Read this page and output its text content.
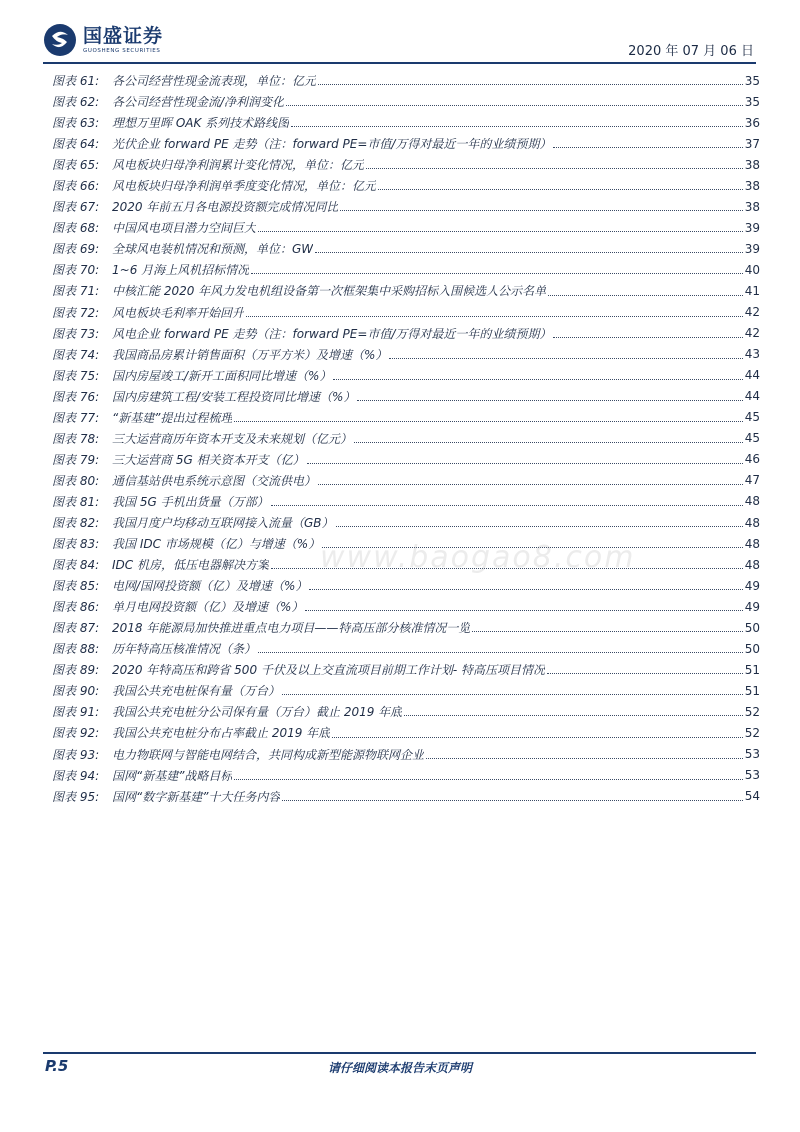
国盛证券
GUOSHENG SECURITIES	2020 年 07 月 06 日
图表 61:	各公司经营性现金流表现，单位：亿元	35
图表 62:	各公司经营性现金流/净利润变化	35
图表 63:	理想万里晖 OAK 系列技术路线图	36
图表 64:	光伏企业 forward PE 走势（注：forward PE=市值/万得对最近一年的业绩预期）	37
图表 65:	风电板块归母净利润累计变化情况，单位：亿元	38
图表 66:	风电板块归母净利润单季度变化情况，单位：亿元	38
图表 67:	2020 年前五月各电源投资额完成情况同比	38
图表 68:	中国风电项目潜力空间巨大	39
图表 69:	全球风电装机情况和预测，单位：GW	39
图表 70:	1~6 月海上风机招标情况	40
图表 71:	中核汇能 2020 年风力发电机组设备第一次框架集中采购招标入围候选人公示名单	41
图表 72:	风电板块毛利率开始回升	42
图表 73:	风电企业 forward PE 走势（注：forward PE=市值/万得对最近一年的业绩预期）	42
图表 74:	我国商品房累计销售面积（万平方米）及增速（%）	43
图表 75:	国内房屋竣工/新开工面积同比增速（%）	44
图表 76:	国内房建筑工程/安装工程投资同比增速（%）	44
图表 77:	“新基建”提出过程梳理	45
图表 78:	三大运营商历年资本开支及未来规划（亿元）	45
图表 79:	三大运营商 5G 相关资本开支（亿）	46
图表 80:	通信基站供电系统示意图（交流供电）	47
图表 81:	我国 5G 手机出货量（万部）	48
图表 82:	我国月度户均移动互联网接入流量（GB）	48
图表 83:	我国 IDC 市场规模（亿）与增速（%）	48
图表 84:	IDC 机房，低压电器解决方案	48
图表 85:	电网/国网投资额（亿）及增速（%）	49
图表 86:	单月电网投资额（亿）及增速（%）	49
图表 87:	2018 年能源局加快推进重点电力项目——特高压部分核准情况一览	50
图表 88:	历年特高压核准情况（条）	50
图表 89:	2020 年特高压和跨省 500 千伏及以上交直流项目前期工作计划- 特高压项目情况	51
图表 90:	我国公共充电桩保有量（万台）	51
图表 91:	我国公共充电桩分公司保有量（万台）截止 2019 年底	52
图表 92:	我国公共充电桩分布占率截止 2019 年底	52
图表 93:	电力物联网与智能电网结合，共同构成新型能源物联网企业	53
图表 94:	国网“新基建”战略目标	53
图表 95:	国网“数字新基建”十大任务内容	54
www.baogao8.com
P.5	请仔细阅读本报告末页声明
